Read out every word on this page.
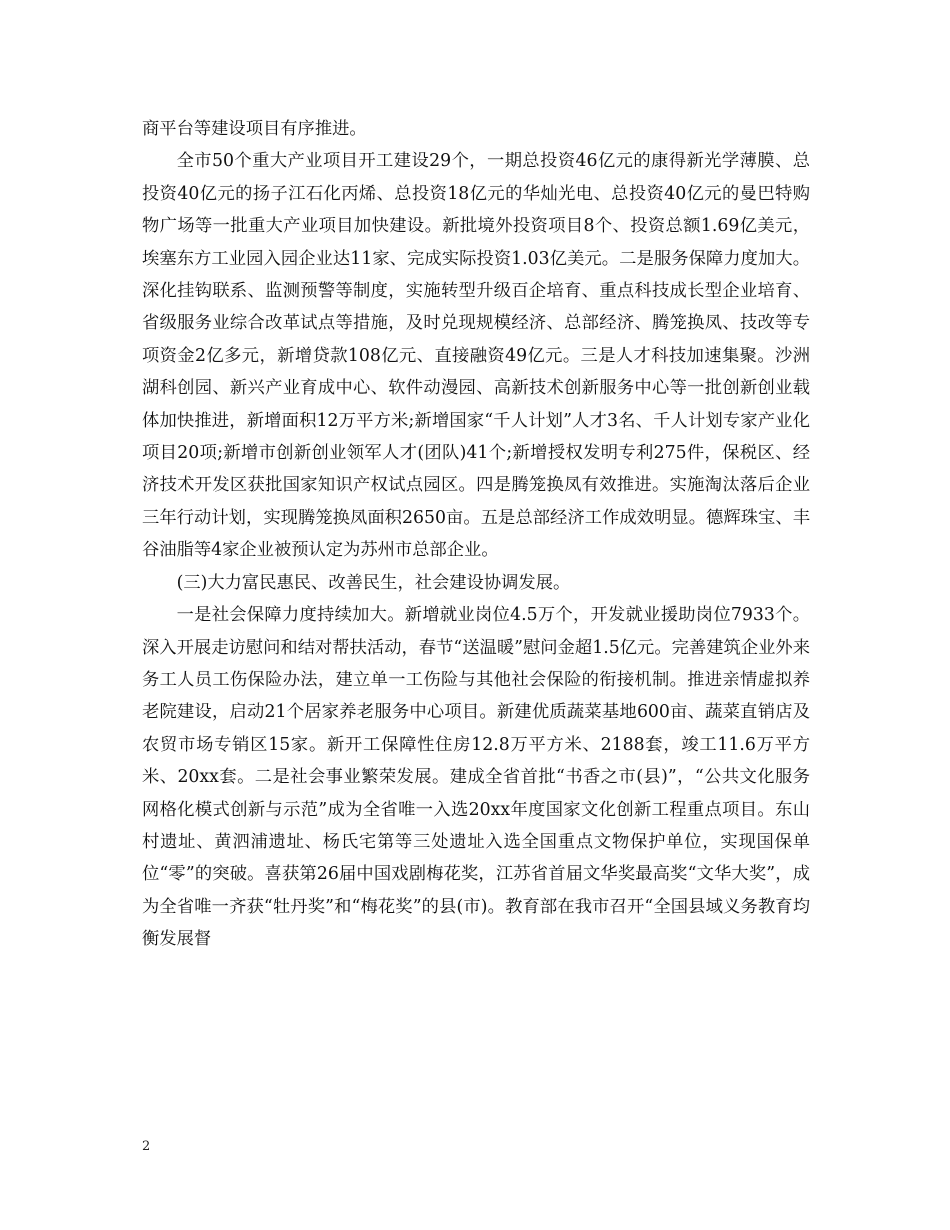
商平台等建设项目有序推进。

全市50个重大产业项目开工建设29个，一期总投资46亿元的康得新光学薄膜、总投资40亿元的扬子江石化丙烯、总投资18亿元的华灿光电、总投资40亿元的曼巴特购物广场等一批重大产业项目加快建设。新批境外投资项目8个、投资总额1.69亿美元，埃塞东方工业园入园企业达11家、完成实际投资1.03亿美元。二是服务保障力度加大。深化挂钩联系、监测预警等制度，实施转型升级百企培育、重点科技成长型企业培育、省级服务业综合改革试点等措施，及时兑现规模经济、总部经济、腾笼换凤、技改等专项资金2亿多元，新增贷款108亿元、直接融资49亿元。三是人才科技加速集聚。沙洲湖科创园、新兴产业育成中心、软件动漫园、高新技术创新服务中心等一批创新创业载体加快推进，新增面积12万平方米;新增国家“千人计划”人才3名、千人计划专家产业化项目20项;新增市创新创业领军人才(团队)41个;新增授权发明专利275件，保税区、经济技术开发区获批国家知识产权试点园区。四是腾笼换凤有效推进。实施淘汰落后企业三年行动计划，实现腾笼换凤面积2650亩。五是总部经济工作成效明显。德辉珠宝、丰谷油脂等4家企业被预认定为苏州市总部企业。

(三)大力富民惠民、改善民生，社会建设协调发展。

一是社会保障力度持续加大。新增就业岗位4.5万个，开发就业援助岗位7933个。深入开展走访慰问和结对帮扶活动，春节“送温暖”慰问金超1.5亿元。完善建筑企业外来务工人员工伤保险办法，建立单一工伤险与其他社会保险的衔接机制。推进亲情虚拟养老院建设，启动21个居家养老服务中心项目。新建优质蔬菜基地600亩、蔬菜直销店及农贸市场专销区15家。新开工保障性住房12.8万平方米、2188套，竣工11.6万平方米、20xx套。二是社会事业繁荣发展。建成全省首批“书香之市(县)”，“公共文化服务网格化模式创新与示范”成为全省唯一入选20xx年度国家文化创新工程重点项目。东山村遗址、黄泗浦遗址、杨氏宅第等三处遗址入选全国重点文物保护单位，实现国保单位“零”的突破。喜获第26届中国戏剧梅花奖，江苏省首届文华奖最高奖“文华大奖”，成为全省唯一齐获“牡丹奖”和“梅花奖”的县(市)。教育部在我市召开“全国县域义务教育均衡发展督

2
